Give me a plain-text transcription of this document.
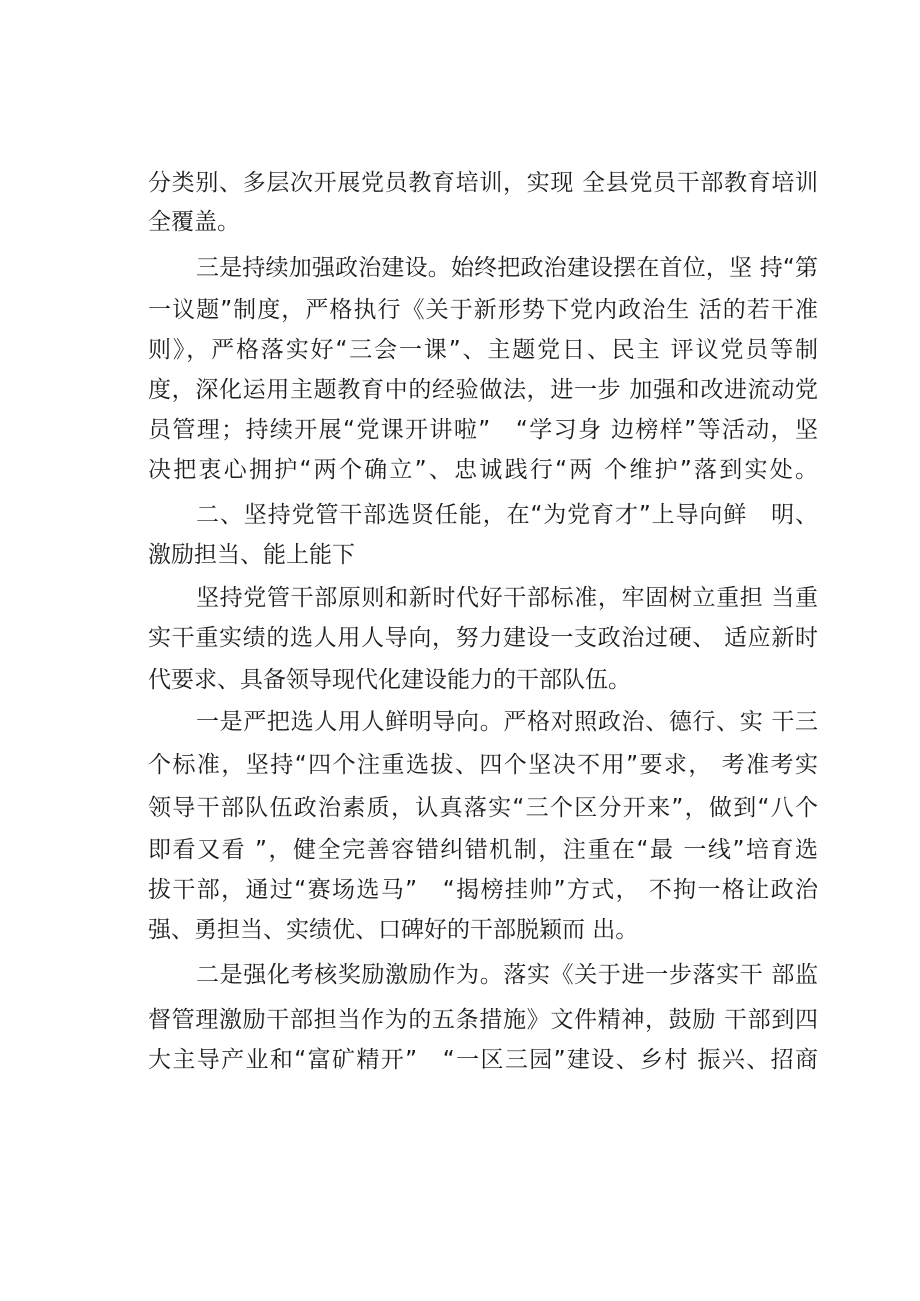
分类别、多层次开展党员教育培训，实现 全县党员干部教育培训
全覆盖。
三是持续加强政治建设。始终把政治建设摆在首位，坚 持“第
一议题”制度，严格执行《关于新形势下党内政治生 活的若干准
则》，严格落实好“三会一课”、主题党日、民主 评议党员等制
度，深化运用主题教育中的经验做法，进一步 加强和改进流动党
员管理；持续开展“党课开讲啦”　“学习身 边榜样”等活动，坚
决把衷心拥护“两个确立”、忠诚践行“两 个维护”落到实处。
二、坚持党管干部选贤任能，在“为党育才”上导向鲜　明、
激励担当、能上能下
坚持党管干部原则和新时代好干部标准，牢固树立重担 当重
实干重实绩的选人用人导向，努力建设一支政治过硬、 适应新时
代要求、具备领导现代化建设能力的干部队伍。
一是严把选人用人鲜明导向。严格对照政治、德行、实 干三
个标准，坚持“四个注重选拔、四个坚决不用”要求， 考准考实
领导干部队伍政治素质，认真落实“三个区分开来”，做到“八个
即看又看 ”，健全完善容错纠错机制，注重在“最 一线”培育选
拔干部，通过“赛场选马”　“揭榜挂帅”方式， 不拘一格让政治
强、勇担当、实绩优、口碑好的干部脱颖而 出。
二是强化考核奖励激励作为。落实《关于进一步落实干 部监
督管理激励干部担当作为的五条措施》文件精神，鼓励 干部到四
大主导产业和“富矿精开”　“一区三园”建设、乡村 振兴、招商
